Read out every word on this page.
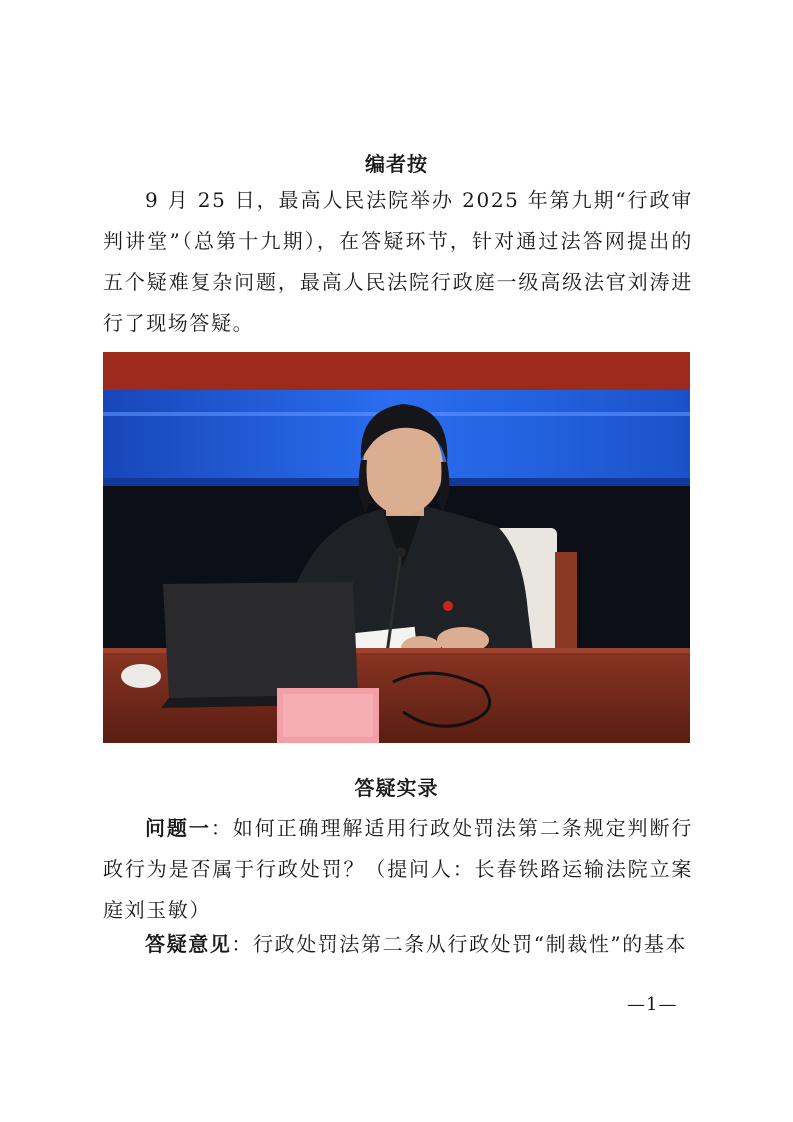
编者按
9 月 25 日，最高人民法院举办 2025 年第九期“行政审判讲堂”（总第十九期），在答疑环节，针对通过法答网提出的五个疑难复杂问题，最高人民法院行政庭一级高级法官刘涛进行了现场答疑。
答疑实录
问题一：如何正确理解适用行政处罚法第二条规定判断行政行为是否属于行政处罚？（提问人：长春铁路运输法院立案庭刘玉敏）
答疑意见：行政处罚法第二条从行政处罚“制裁性”的基本
—1—
